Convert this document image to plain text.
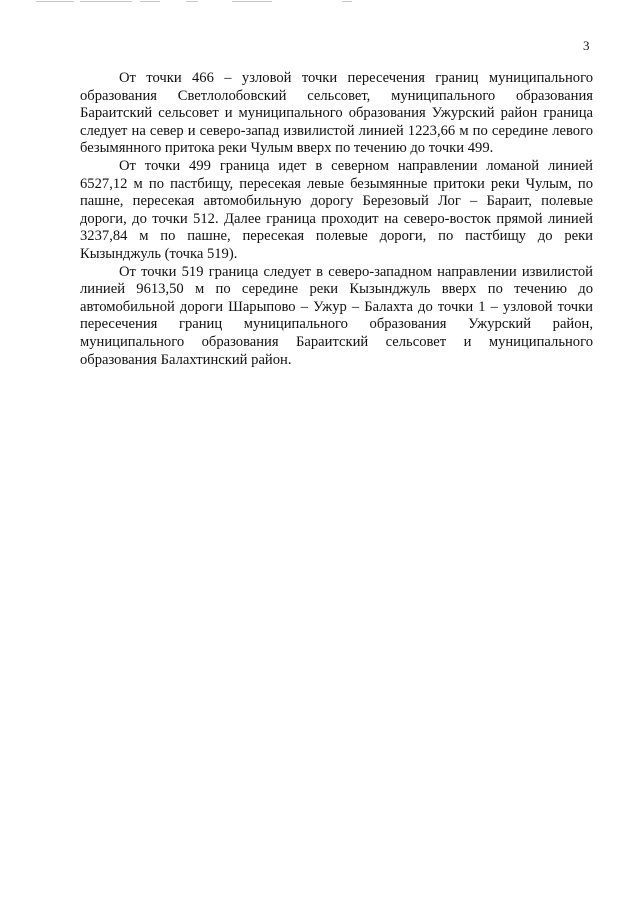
3

От точки 466 – узловой точки пересечения границ муниципального образования Светлолобовский сельсовет, муниципального образования Бараитский сельсовет и муниципального образования Ужурский район граница следует на север и северо-запад извилистой линией 1223,66 м по середине левого безымянного притока реки Чулым вверх по течению до точки 499.

От точки 499 граница идет в северном направлении ломаной линией 6527,12 м по пастбищу, пересекая левые безымянные притоки реки Чулым, по пашне, пересекая автомобильную дорогу Березовый Лог – Бараит, полевые дороги, до точки 512. Далее граница проходит на северо-восток прямой линией 3237,84 м по пашне, пересекая полевые дороги, по пастбищу до реки Кызынджуль (точка 519).

От точки 519 граница следует в северо-западном направлении извилистой линией 9613,50 м по середине реки Кызынджуль вверх по течению до автомобильной дороги Шарыпово – Ужур – Балахта до точки 1 – узловой точки пересечения границ муниципального образования Ужурский район, муниципального образования Бараитский сельсовет и муниципального образования Балахтинский район.
